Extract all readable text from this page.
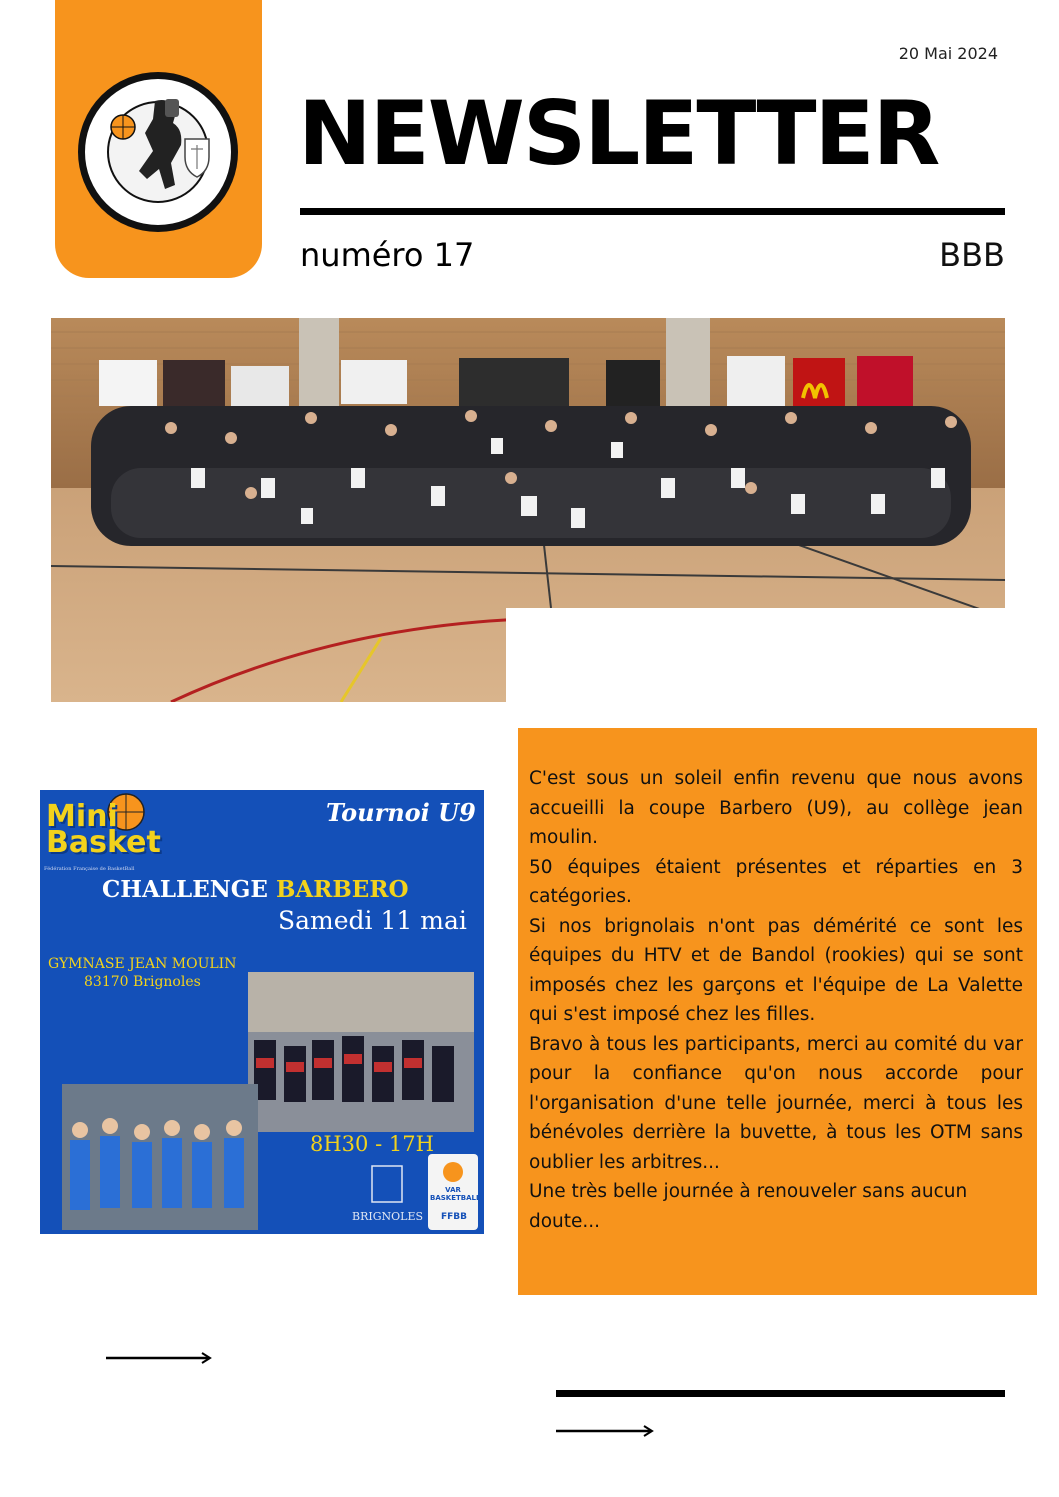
20 Mai 2024
NEWSLETTER
numéro 17	BBB
Mini Basket
Fédération Française de BasketBall
Tournoi U9
CHALLENGE BARBERO
Samedi 11 mai
GYMNASE JEAN MOULIN
83170 Brignoles
8H30 - 17H
BRIGNOLES
VAR BASKETBALL
FFBB

C'est sous un soleil enfin revenu que nous avons accueilli la coupe Barbero (U9), au collège jean moulin.

50 équipes étaient présentes et réparties en 3 catégories.

Si nos brignolais n'ont pas démérité ce sont les équipes du HTV et de Bandol (rookies) qui se sont imposés chez les garçons et l'équipe de La Valette qui s'est imposé chez les filles.

Bravo à tous les participants, merci au comité du var pour la confiance qu'on nous accorde pour l'organisation d'une telle journée, merci à tous les bénévoles derrière la buvette, à tous les OTM sans oublier les arbitres...

Une très belle journée à renouveler sans aucun doute...
